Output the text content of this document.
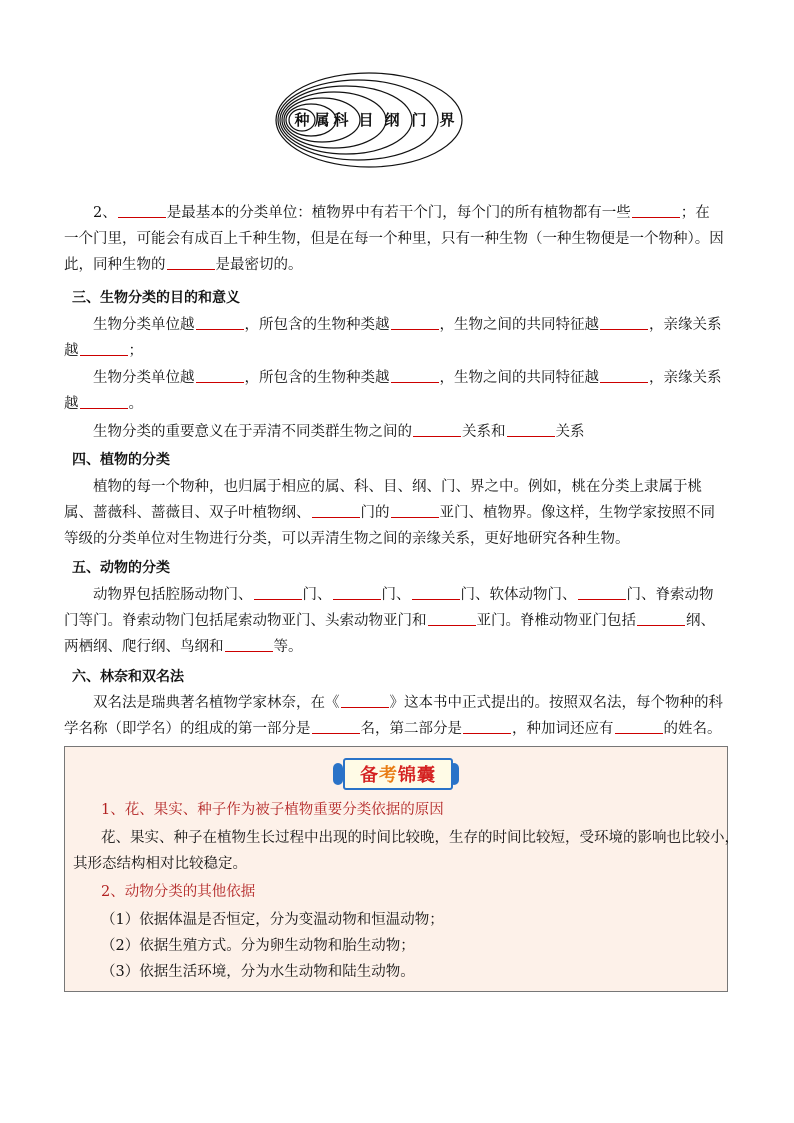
种 属 科 目 纲 门 界

2、	是最基本的分类单位：植物界中有若干个门，每个门的所有植物都有一些	；在一个门里，可能会有成百上千种生物，但是在每一个种里，只有一种生物（一种生物便是一个物种）。因此，同种生物的	是最密切的。

三、生物分类的目的和意义

生物分类单位越	，所包含的生物种类越	，生物之间的共同特征越	，亲缘关系越	；

生物分类单位越	，所包含的生物种类越	，生物之间的共同特征越	，亲缘关系越	。

生物分类的重要意义在于弄清不同类群生物之间的	关系和	关系

四、植物的分类

植物的每一个物种，也归属于相应的属、科、目、纲、门、界之中。例如，桃在分类上隶属于桃属、蔷薇科、蔷薇目、双子叶植物纲、	门的	亚门、植物界。像这样，生物学家按照不同等级的分类单位对生物进行分类，可以弄清生物之间的亲缘关系，更好地研究各种生物。

五、动物的分类

动物界包括腔肠动物门、	门、	门、	门、软体动物门、	门、脊索动物门等门。脊索动物门包括尾索动物亚门、头索动物亚门和	亚门。脊椎动物亚门包括	纲、两栖纲、爬行纲、鸟纲和	等。

六、林奈和双名法

双名法是瑞典著名植物学家林奈，在《	》这本书中正式提出的。按照双名法，每个物种的科学名称（即学名）的组成的第一部分是	名，第二部分是	，种加词还应有	的姓名。

备 考 锦 囊

1、花、果实、种子作为被子植物重要分类依据的原因

花、果实、种子在植物生长过程中出现的时间比较晚，生存的时间比较短，受环境的影响也比较小，

其形态结构相对比较稳定。

2、动物分类的其他依据

（1）依据体温是否恒定，分为变温动物和恒温动物；

（2）依据生殖方式。分为卵生动物和胎生动物；

（3）依据生活环境，分为水生动物和陆生动物。
